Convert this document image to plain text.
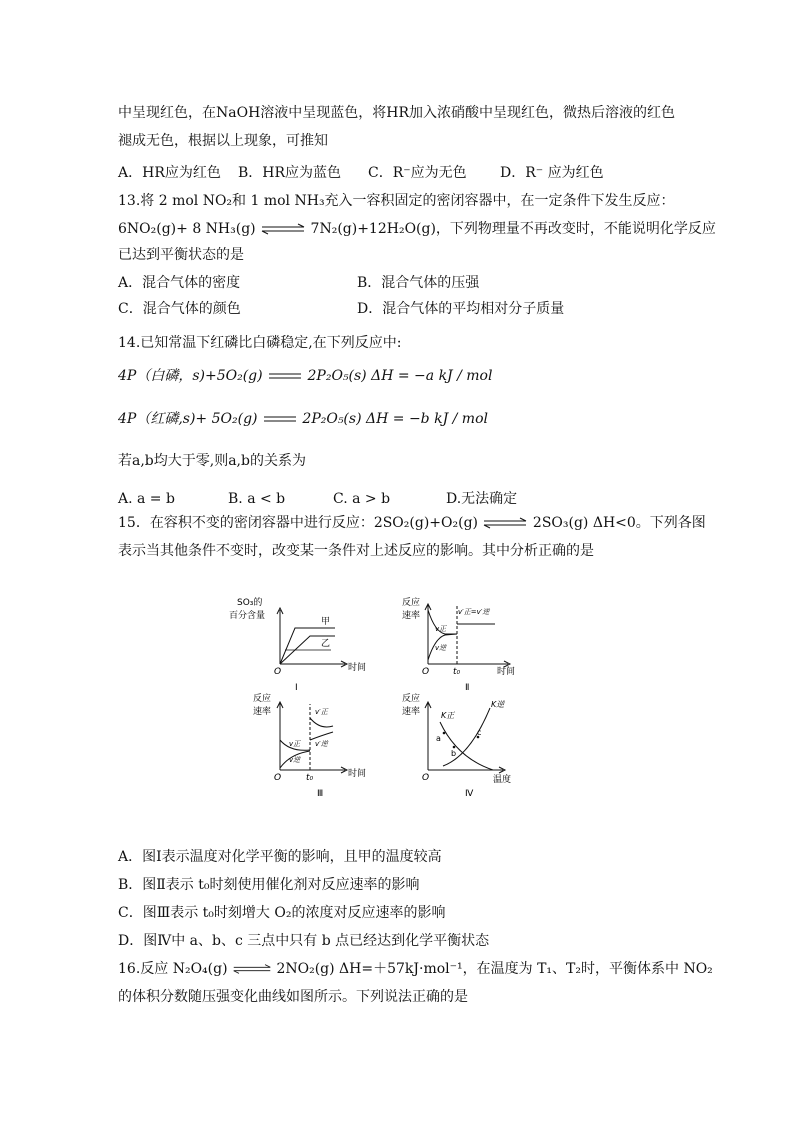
中呈现红色，在NaOH溶液中呈现蓝色，将HR加入浓硝酸中呈现红色，微热后溶液的红色
褪成无色，根据以上现象，可推知
A．HR应为红色 B．HR应为蓝色 C．R⁻应为无色 D．R⁻ 应为红色
13.将 2 mol NO₂和 1 mol NH₃充入一容积固定的密闭容器中，在一定条件下发生反应：
6NO₂(g)+ 8 NH₃(g) ⇌ 7N₂(g)+12H₂O(g)，下列物理量不再改变时，不能说明化学反应
已达到平衡状态的是
A．混合气体的密度	B．混合气体的压强
C．混合气体的颜色	D．混合气体的平均相对分子质量
14.已知常温下红磷比白磷稳定,在下列反应中:
4P（白磷，s)+5O₂(g)	2P₂O₅(s) ΔH = −a kJ / mol
4P（红磷,s)+ 5O₂(g)	2P₂O₅(s) ΔH = −b kJ / mol
若a,b均大于零,则a,b的关系为
A. a = b	B. a < b	C. a > b	D.无法确定
15．在容积不变的密闭容器中进行反应：2SO₂(g)+O₂(g) ⇌ 2SO₃(g) ΔH<0。下列各图
表示当其他条件不变时，改变某一条件对上述反应的影响。其中分析正确的是
SO₃的
百分含量
甲
乙
O	时间
Ⅰ
反应
速率	v′正=v′逆
v正
v逆
O	t₀	时间
Ⅱ
反应
速率	v′正
v′逆
v正
v逆
O	t₀	时间
Ⅲ
反应
速率	K正
K逆
a
b
c
O	温度
Ⅳ
A．图Ⅰ表示温度对化学平衡的影响，且甲的温度较高
B．图Ⅱ表示 t₀时刻使用催化剂对反应速率的影响
C．图Ⅲ表示 t₀时刻增大 O₂的浓度对反应速率的影响
D．图Ⅳ中 a、b、c 三点中只有 b 点已经达到化学平衡状态
16.反应 N₂O₄(g) ⇌ 2NO₂(g) ΔH=＋57kJ·mol⁻¹，在温度为 T₁、T₂时，平衡体系中 NO₂
的体积分数随压强变化曲线如图所示。下列说法正确的是
